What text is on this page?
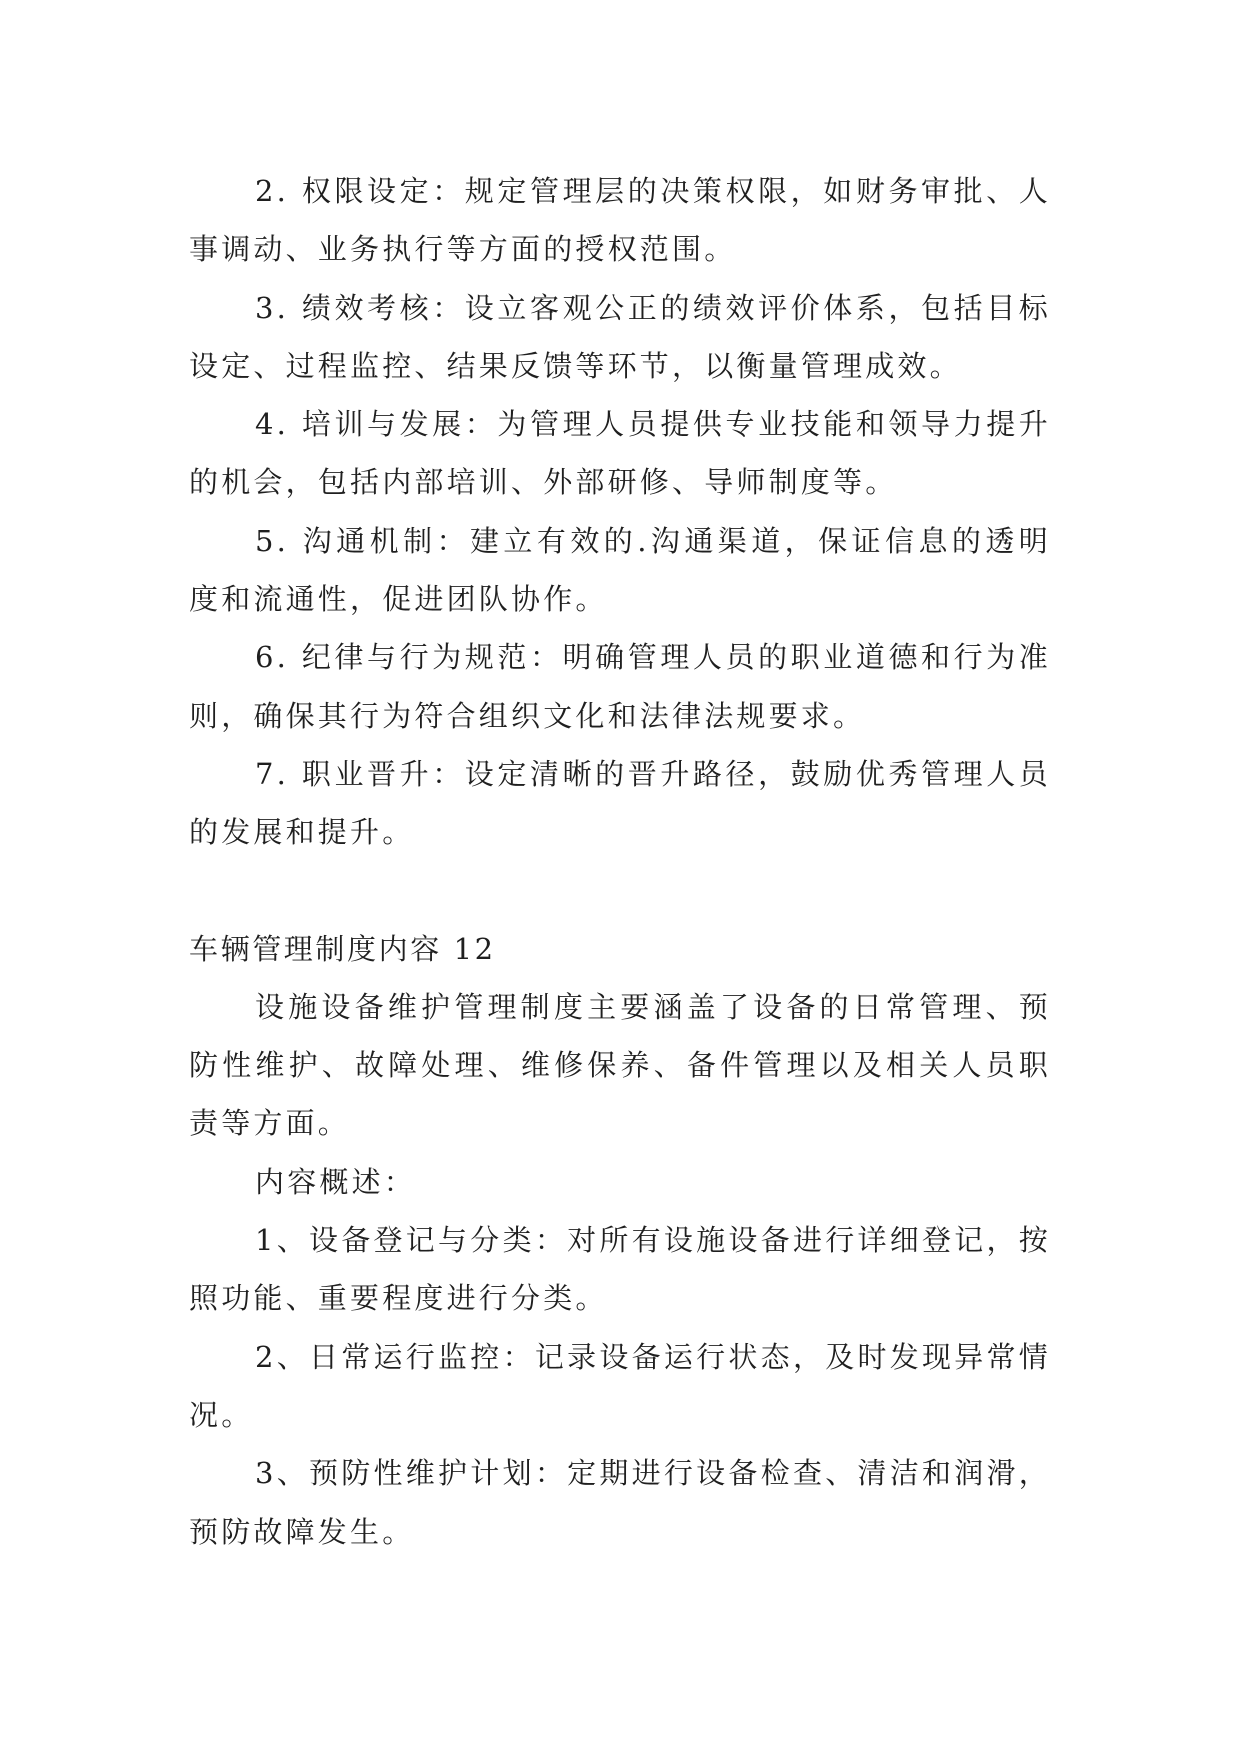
2. 权限设定：规定管理层的决策权限，如财务审批、人事调动、业务执行等方面的授权范围。

3. 绩效考核：设立客观公正的绩效评价体系，包括目标设定、过程监控、结果反馈等环节，以衡量管理成效。

4. 培训与发展：为管理人员提供专业技能和领导力提升的机会，包括内部培训、外部研修、导师制度等。

5. 沟通机制：建立有效的.沟通渠道，保证信息的透明度和流通性，促进团队协作。

6. 纪律与行为规范：明确管理人员的职业道德和行为准则，确保其行为符合组织文化和法律法规要求。

7. 职业晋升：设定清晰的晋升路径，鼓励优秀管理人员的发展和提升。

车辆管理制度内容 12

设施设备维护管理制度主要涵盖了设备的日常管理、预防性维护、故障处理、维修保养、备件管理以及相关人员职责等方面。

内容概述：

1、设备登记与分类：对所有设施设备进行详细登记，按照功能、重要程度进行分类。

2、日常运行监控：记录设备运行状态，及时发现异常情况。

3、预防性维护计划：定期进行设备检查、清洁和润滑，预防故障发生。
